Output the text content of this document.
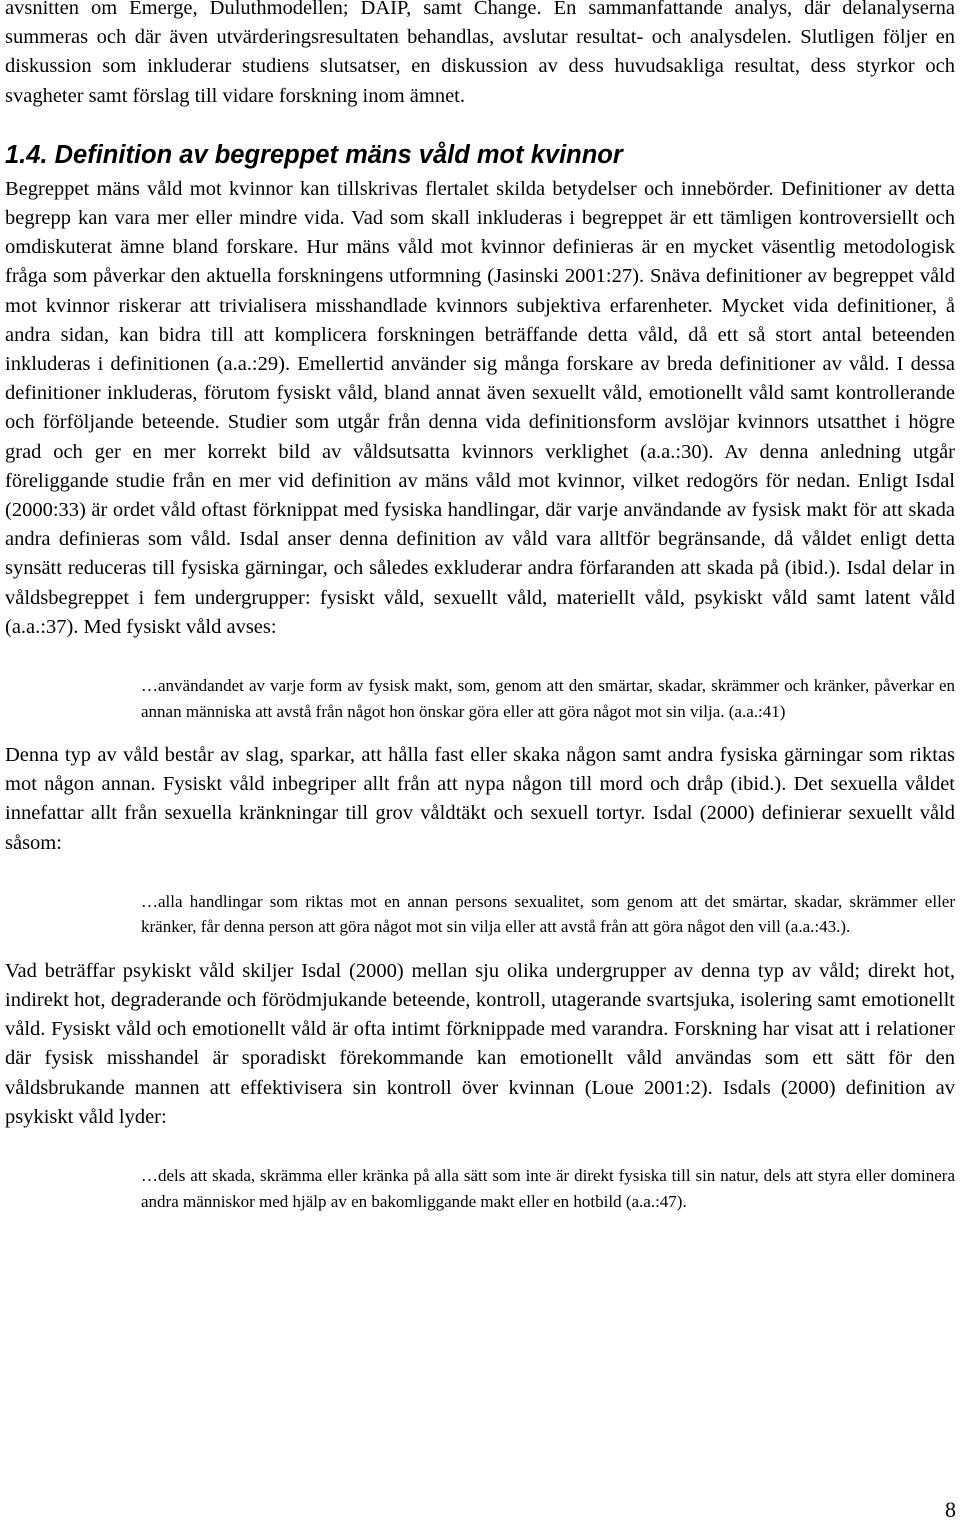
avsnitten om Emerge, Duluthmodellen; DAIP, samt Change. En sammanfattande analys, där delanalyserna summeras och där även utvärderingsresultaten behandlas, avslutar resultat- och analysdelen. Slutligen följer en diskussion som inkluderar studiens slutsatser, en diskussion av dess huvudsakliga resultat, dess styrkor och svagheter samt förslag till vidare forskning inom ämnet.

1.4. Definition av begreppet mäns våld mot kvinnor

Begreppet mäns våld mot kvinnor kan tillskrivas flertalet skilda betydelser och innebörder. Definitioner av detta begrepp kan vara mer eller mindre vida. Vad som skall inkluderas i begreppet är ett tämligen kontroversiellt och omdiskuterat ämne bland forskare. Hur mäns våld mot kvinnor definieras är en mycket väsentlig metodologisk fråga som påverkar den aktuella forskningens utformning (Jasinski 2001:27). Snäva definitioner av begreppet våld mot kvinnor riskerar att trivialisera misshandlade kvinnors subjektiva erfarenheter. Mycket vida definitioner, å andra sidan, kan bidra till att komplicera forskningen beträffande detta våld, då ett så stort antal beteenden inkluderas i definitionen (a.a.:29). Emellertid använder sig många forskare av breda definitioner av våld. I dessa definitioner inkluderas, förutom fysiskt våld, bland annat även sexuellt våld, emotionellt våld samt kontrollerande och förföljande beteende. Studier som utgår från denna vida definitionsform avslöjar kvinnors utsatthet i högre grad och ger en mer korrekt bild av våldsutsatta kvinnors verklighet (a.a.:30). Av denna anledning utgår föreliggande studie från en mer vid definition av mäns våld mot kvinnor, vilket redogörs för nedan. Enligt Isdal (2000:33) är ordet våld oftast förknippat med fysiska handlingar, där varje användande av fysisk makt för att skada andra definieras som våld. Isdal anser denna definition av våld vara alltför begränsande, då våldet enligt detta synsätt reduceras till fysiska gärningar, och således exkluderar andra förfaranden att skada på (ibid.). Isdal delar in våldsbegreppet i fem undergrupper: fysiskt våld, sexuellt våld, materiellt våld, psykiskt våld samt latent våld (a.a.:37). Med fysiskt våld avses:

…användandet av varje form av fysisk makt, som, genom att den smärtar, skadar, skrämmer och kränker, påverkar en annan människa att avstå från något hon önskar göra eller att göra något mot sin vilja. (a.a.:41)

Denna typ av våld består av slag, sparkar, att hålla fast eller skaka någon samt andra fysiska gärningar som riktas mot någon annan. Fysiskt våld inbegriper allt från att nypa någon till mord och dråp (ibid.). Det sexuella våldet innefattar allt från sexuella kränkningar till grov våldtäkt och sexuell tortyr. Isdal (2000) definierar sexuellt våld såsom:

…alla handlingar som riktas mot en annan persons sexualitet, som genom att det smärtar, skadar, skrämmer eller kränker, får denna person att göra något mot sin vilja eller att avstå från att göra något den vill (a.a.:43.).

Vad beträffar psykiskt våld skiljer Isdal (2000) mellan sju olika undergrupper av denna typ av våld; direkt hot, indirekt hot, degraderande och förödmjukande beteende, kontroll, utagerande svartsjuka, isolering samt emotionellt våld. Fysiskt våld och emotionellt våld är ofta intimt förknippade med varandra. Forskning har visat att i relationer där fysisk misshandel är sporadiskt förekommande kan emotionellt våld användas som ett sätt för den våldsbrukande mannen att effektivisera sin kontroll över kvinnan (Loue 2001:2). Isdals (2000) definition av psykiskt våld lyder:

…dels att skada, skrämma eller kränka på alla sätt som inte är direkt fysiska till sin natur, dels att styra eller dominera andra människor med hjälp av en bakomliggande makt eller en hotbild (a.a.:47).

8
